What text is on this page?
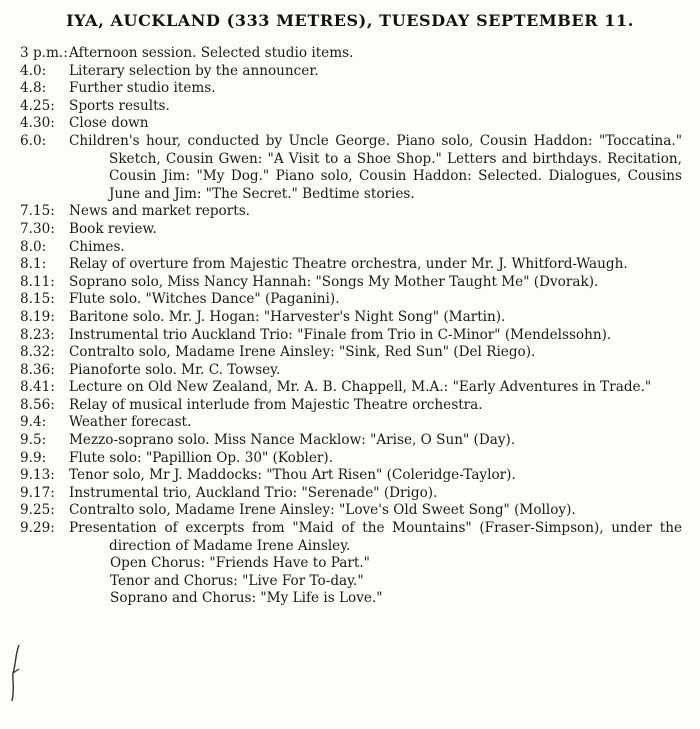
IYA, AUCKLAND (333 METRES), TUESDAY SEPTEMBER 11.
3 p.m.: Afternoon session. Selected studio items.
4.0:	Literary selection by the announcer.
4.8:	Further studio items.
4.25:	Sports results.
4.30:	Close down
6.0:	Children's hour, conducted by Uncle George. Piano solo, Cousin Haddon: "Toccatina." Sketch, Cousin Gwen: "A Visit to a Shoe Shop." Letters and birthdays. Recitation, Cousin Jim: "My Dog." Piano solo, Cousin Haddon: Selected. Dialogues, Cousins June and Jim: "The Secret." Bedtime stories.
7.15:	News and market reports.
7.30:	Book review.
8.0:	Chimes.
8.1:	Relay of overture from Majestic Theatre orchestra, under Mr. J. Whitford-Waugh.
8.11:	Soprano solo, Miss Nancy Hannah: "Songs My Mother Taught Me" (Dvorak).
8.15:	Flute solo. "Witches Dance" (Paganini).
8.19:	Baritone solo. Mr. J. Hogan: "Harvester's Night Song" (Martin).
8.23:	Instrumental trio Auckland Trio: "Finale from Trio in C-Minor" (Mendelssohn).
8.32:	Contralto solo, Madame Irene Ainsley: "Sink, Red Sun" (Del Riego).
8.36:	Pianoforte solo. Mr. C. Towsey.
8.41:	Lecture on Old New Zealand, Mr. A. B. Chappell, M.A.: "Early Adventures in Trade."
8.56:	Relay of musical interlude from Majestic Theatre orchestra.
9.4:	Weather forecast.
9.5:	Mezzo-soprano solo. Miss Nance Macklow: "Arise, O Sun" (Day).
9.9:	Flute solo: "Papillion Op. 30" (Kobler).
9.13:	Tenor solo, Mr J. Maddocks: "Thou Art Risen" (Coleridge-Taylor).
9.17:	Instrumental trio, Auckland Trio: "Serenade" (Drigo).
9.25:	Contralto solo, Madame Irene Ainsley: "Love's Old Sweet Song" (Molloy).
9.29:	Presentation of excerpts from "Maid of the Mountains" (Fraser-Simpson), under the direction of Madame Irene Ainsley.
Open Chorus: "Friends Have to Part."
Tenor and Chorus: "Live For To-day."
Soprano and Chorus: "My Life is Love."
